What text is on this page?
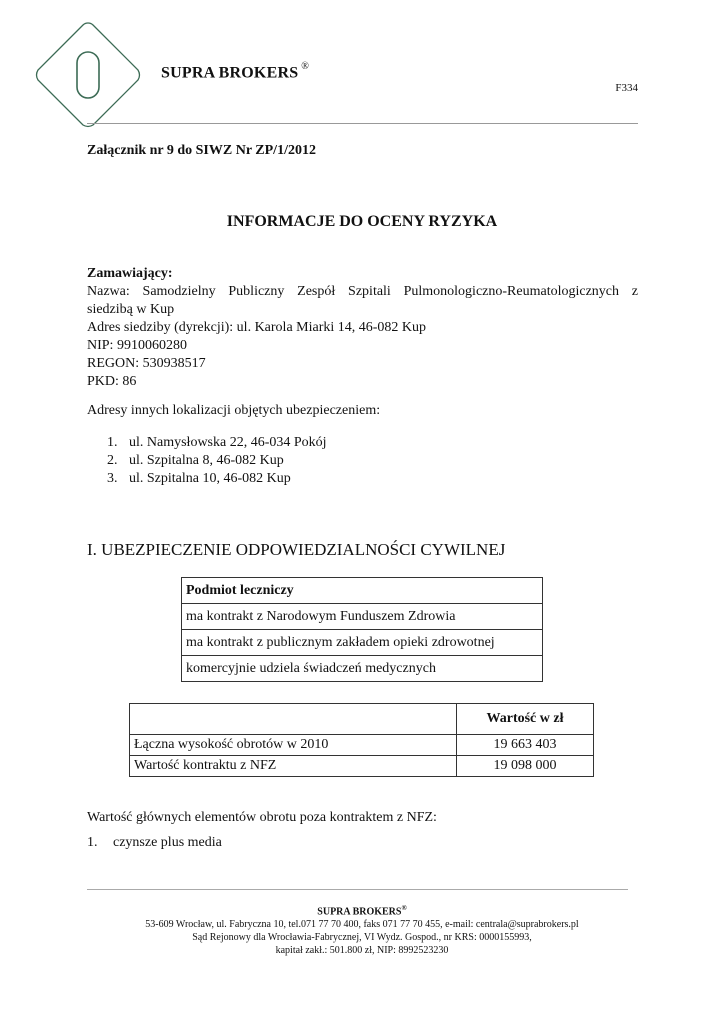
SUPRA BROKERS ®
F334
Załącznik nr 9 do SIWZ Nr ZP/1/2012
INFORMACJE DO OCENY RYZYKA
Zamawiający:
Nazwa: Samodzielny Publiczny Zespół Szpitali Pulmonologiczno-Reumatologicznych z
siedzibą w Kup
Adres siedziby (dyrekcji): ul. Karola Miarki 14, 46-082 Kup
NIP: 9910060280
REGON: 530938517
PKD: 86
Adresy innych lokalizacji objętych ubezpieczeniem:
1. ul. Namysłowska 22, 46-034 Pokój
2. ul. Szpitalna 8, 46-082 Kup
3. ul. Szpitalna 10, 46-082 Kup
I. UBEZPIECZENIE ODPOWIEDZIALNOŚCI CYWILNEJ
Podmiot leczniczy
ma kontrakt z Narodowym Funduszem Zdrowia
ma kontrakt z publicznym zakładem opieki zdrowotnej
komercyjnie udziela świadczeń medycznych
	Wartość w zł
Łączna wysokość obrotów w 2010	19 663 403
Wartość kontraktu z NFZ	19 098 000
Wartość głównych elementów obrotu poza kontraktem z NFZ:
1. czynsze plus media
SUPRA BROKERS®
53-609 Wrocław, ul. Fabryczna 10, tel.071 77 70 400, faks 071 77 70 455, e-mail: centrala@suprabrokers.pl
Sąd Rejonowy dla Wrocławia-Fabrycznej, VI Wydz. Gospod., nr KRS: 0000155993,
kapitał zakł.: 501.800 zł, NIP: 8992523230
